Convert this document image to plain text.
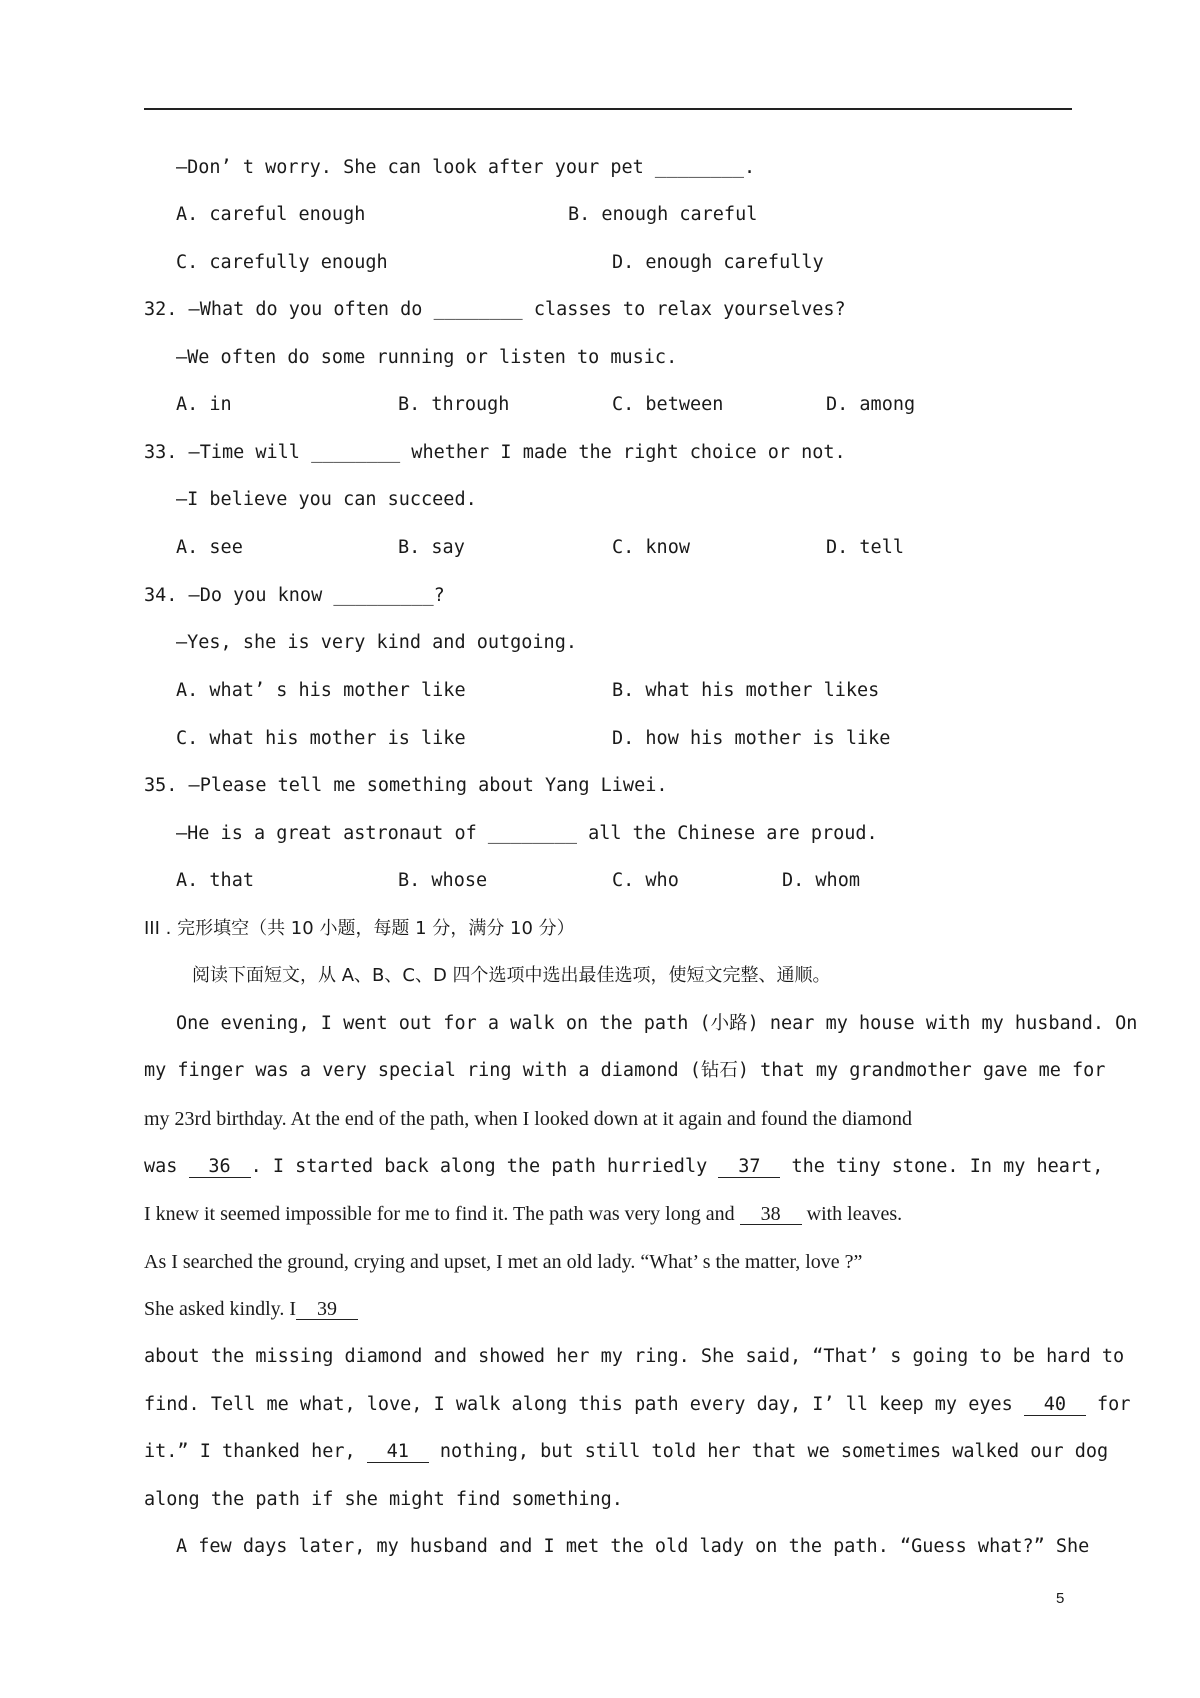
—Don’ t worry. She can look after your pet ________.
A. careful enough	B. enough careful
C. carefully enough	D. enough carefully
32. —What do you often do ________ classes to relax yourselves?
—We often do some running or listen to music.
A. in	B. through	C. between	D. among
33. —Time will ________ whether I made the right choice or not.
—I believe you can succeed.
A. see	B. say	C. know	D. tell
34. —Do you know _________?
—Yes, she is very kind and outgoing.
A. what’ s his mother like	B. what his mother likes
C. what his mother is like	D. how his mother is like
35. —Please tell me something about Yang Liwei.
—He is a great astronaut of ________ all the Chinese are proud.
A. that	B. whose	C. who	D. whom
III . 完形填空（共 10 小题，每题 1 分，满分 10 分）
阅读下面短文，从 A、B、C、D 四个选项中选出最佳选项，使短文完整、通顺。
One evening, I went out for a walk on the path (小路) near my house with my husband. On
my finger was a very special ring with a diamond (钻石) that my grandmother gave me for
my 23rd birthday. At the end of the path, when I looked down at it again and found the diamond
was 36 . I started back along the path hurriedly 37 the tiny stone. In my heart,
I knew it seemed impossible for me to find it. The path was very long and 38 with leaves.
As I searched the ground, crying and upset, I met an old lady. “What’ s the matter, love ?”
She asked kindly. I 39
about the missing diamond and showed her my ring. She said, “That’ s going to be hard to
find. Tell me what, love, I walk along this path every day, I’ ll keep my eyes 40 for
it.” I thanked her, 41 nothing, but still told her that we sometimes walked our dog
along the path if she might find something.
A few days later, my husband and I met the old lady on the path. “Guess what?” She
5
